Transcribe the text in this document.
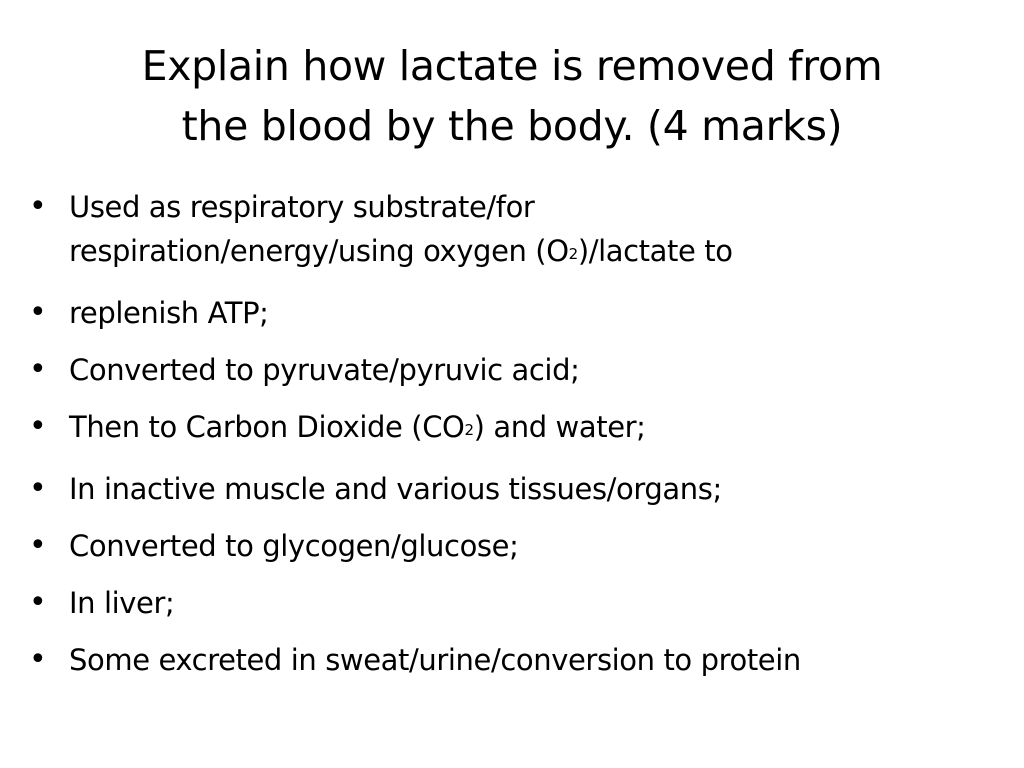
Explain how lactate is removed from
the blood by the body. (4 marks)
• Used as respiratory substrate/for
respiration/energy/using oxygen $(O_2)$/lactate to
• replenish ATP;
• Converted to pyruvate/pyruvic acid;
• Then to Carbon Dioxide $(CO_2)$ and water;
• In inactive muscle and various tissues/organs;
• Converted to glycogen/glucose;
• In liver;
• Some excreted in sweat/urine/conversion to protein
